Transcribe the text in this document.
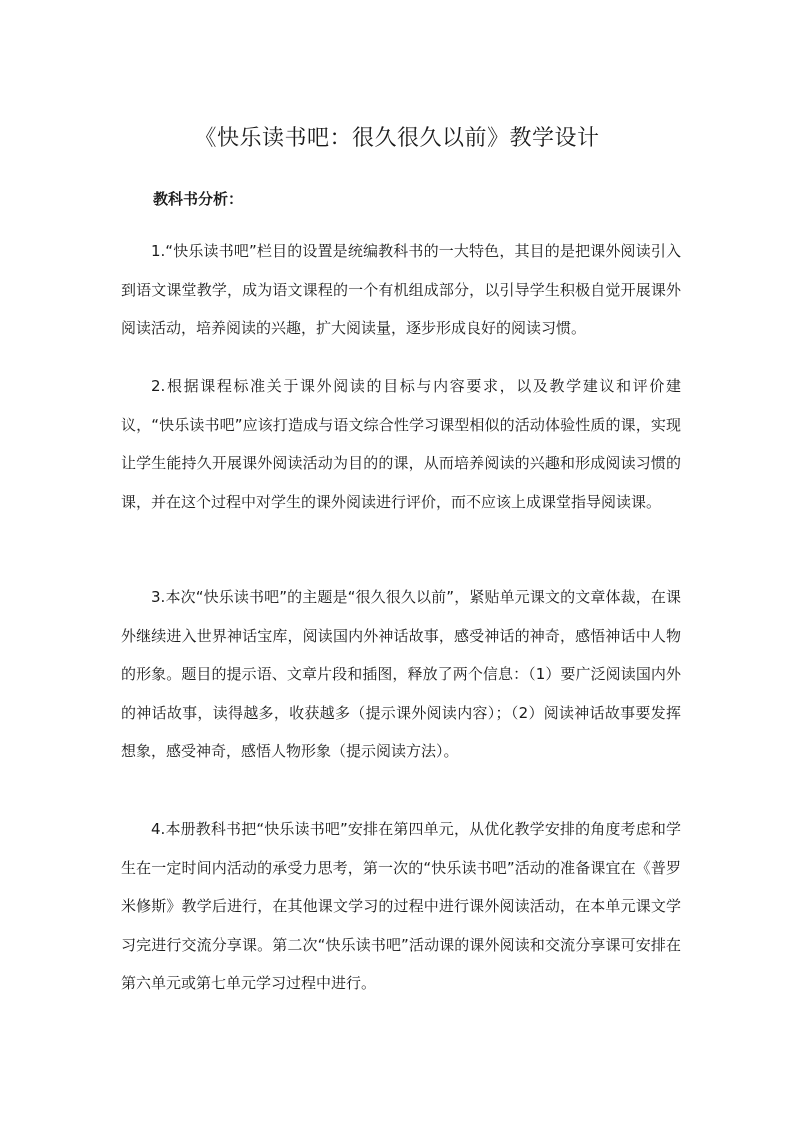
《快乐读书吧：很久很久以前》教学设计
教科书分析：

1.“快乐读书吧”栏目的设置是统编教科书的一大特色，其目的是把课外阅读引入到语文课堂教学，成为语文课程的一个有机组成部分，以引导学生积极自觉开展课外阅读活动，培养阅读的兴趣，扩大阅读量，逐步形成良好的阅读习惯。

2.根据课程标准关于课外阅读的目标与内容要求，以及教学建议和评价建议，“快乐读书吧”应该打造成与语文综合性学习课型相似的活动体验性质的课，实现让学生能持久开展课外阅读活动为目的的课，从而培养阅读的兴趣和形成阅读习惯的课，并在这个过程中对学生的课外阅读进行评价，而不应该上成课堂指导阅读课。

3.本次“快乐读书吧”的主题是“很久很久以前”，紧贴单元课文的文章体裁，在课外继续进入世界神话宝库，阅读国内外神话故事，感受神话的神奇，感悟神话中人物的形象。题目的提示语、文章片段和插图，释放了两个信息：（1）要广泛阅读国内外的神话故事，读得越多，收获越多（提示课外阅读内容）；（2）阅读神话故事要发挥想象，感受神奇，感悟人物形象（提示阅读方法）。

4.本册教科书把“快乐读书吧”安排在第四单元，从优化教学安排的角度考虑和学生在一定时间内活动的承受力思考，第一次的“快乐读书吧”活动的准备课宜在《普罗米修斯》教学后进行，在其他课文学习的过程中进行课外阅读活动，在本单元课文学习完进行交流分享课。第二次“快乐读书吧”活动课的课外阅读和交流分享课可安排在第六单元或第七单元学习过程中进行。
